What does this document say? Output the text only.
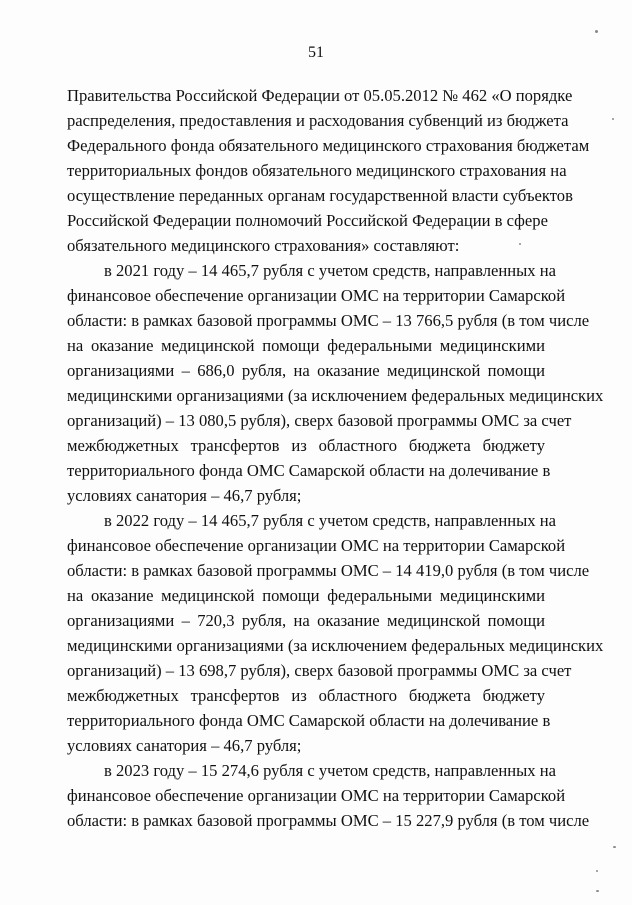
51
Правительства Российской Федерации от 05.05.2012 № 462 «О порядке
распределения, предоставления и расходования субвенций из бюджета
Федерального фонда обязательного медицинского страхования бюджетам
территориальных фондов обязательного медицинского страхования на
осуществление переданных органам государственной власти субъектов
Российской Федерации полномочий Российской Федерации в сфере
обязательного медицинского страхования» составляют:
в 2021 году – 14 465,7 рубля с учетом средств, направленных на
финансовое обеспечение организации ОМС на территории Самарской
области: в рамках базовой программы ОМС – 13 766,5 рубля (в том числе
на оказание медицинской помощи федеральными медицинскими
организациями – 686,0 рубля, на оказание медицинской помощи
медицинскими организациями (за исключением федеральных медицинских
организаций) – 13 080,5 рубля), сверх базовой программы ОМС за счет
межбюджетных трансфертов из областного бюджета бюджету
территориального фонда ОМС Самарской области на долечивание в
условиях санатория – 46,7 рубля;
в 2022 году – 14 465,7 рубля с учетом средств, направленных на
финансовое обеспечение организации ОМС на территории Самарской
области: в рамках базовой программы ОМС – 14 419,0 рубля (в том числе
на оказание медицинской помощи федеральными медицинскими
организациями – 720,3 рубля, на оказание медицинской помощи
медицинскими организациями (за исключением федеральных медицинских
организаций) – 13 698,7 рубля), сверх базовой программы ОМС за счет
межбюджетных трансфертов из областного бюджета бюджету
территориального фонда ОМС Самарской области на долечивание в
условиях санатория – 46,7 рубля;
в 2023 году – 15 274,6 рубля с учетом средств, направленных на
финансовое обеспечение организации ОМС на территории Самарской
области: в рамках базовой программы ОМС – 15 227,9 рубля (в том числе
